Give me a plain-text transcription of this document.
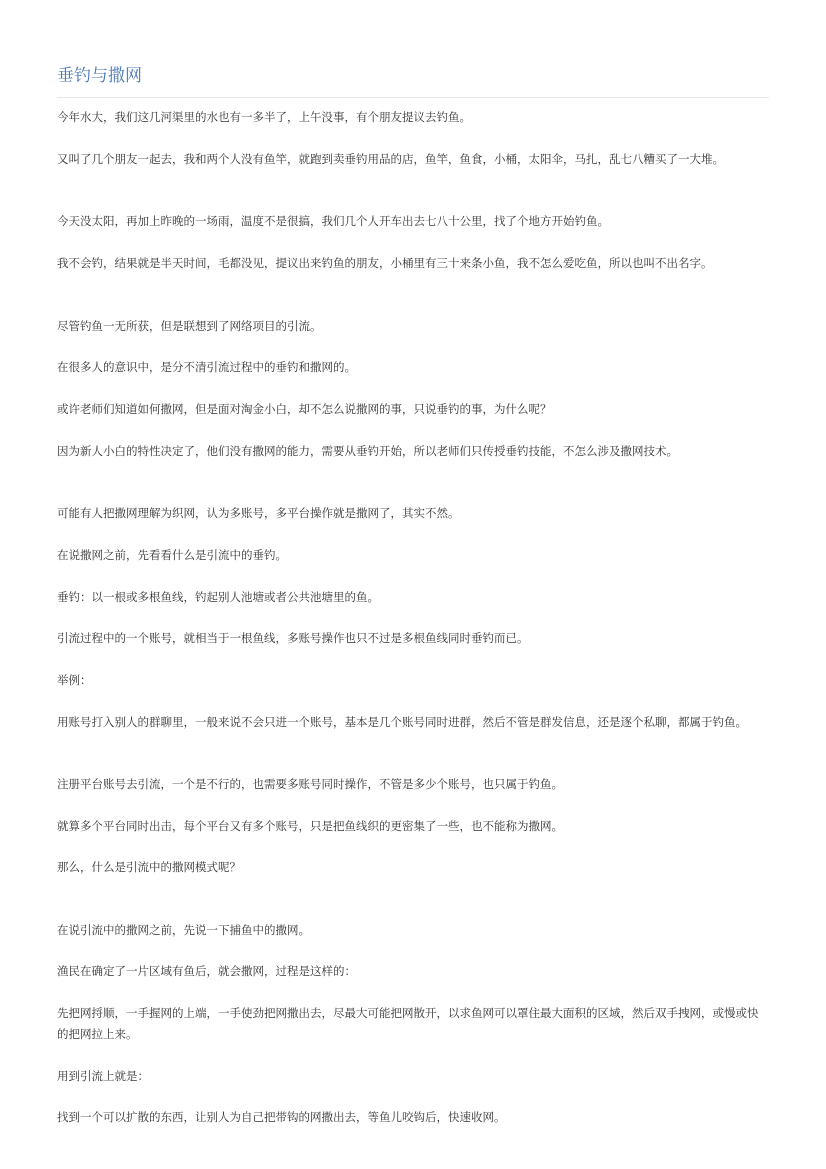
垂钓与撒网

今年水大，我们这几河渠里的水也有一多半了，上午没事，有个朋友提议去钓鱼。

又叫了几个朋友一起去，我和两个人没有鱼竿，就跑到卖垂钓用品的店，鱼竿，鱼食，小桶，太阳伞，马扎，乱七八糟买了一大堆。

今天没太阳，再加上昨晚的一场雨，温度不是很搞，我们几个人开车出去七八十公里，找了个地方开始钓鱼。

我不会钓，结果就是半天时间，毛都没见，提议出来钓鱼的朋友，小桶里有三十来条小鱼，我不怎么爱吃鱼，所以也叫不出名字。

尽管钓鱼一无所获，但是联想到了网络项目的引流。

在很多人的意识中，是分不清引流过程中的垂钓和撒网的。

或许老师们知道如何撒网，但是面对淘金小白，却不怎么说撒网的事，只说垂钓的事，为什么呢？

因为新人小白的特性决定了，他们没有撒网的能力，需要从垂钓开始，所以老师们只传授垂钓技能，不怎么涉及撒网技术。

可能有人把撒网理解为织网，认为多账号，多平台操作就是撒网了，其实不然。

在说撒网之前，先看看什么是引流中的垂钓。

垂钓：以一根或多根鱼线，钓起别人池塘或者公共池塘里的鱼。

引流过程中的一个账号，就相当于一根鱼线，多账号操作也只不过是多根鱼线同时垂钓而已。

举例：

用账号打入别人的群聊里，一般来说不会只进一个账号，基本是几个账号同时进群，然后不管是群发信息，还是逐个私聊，都属于钓鱼。

注册平台账号去引流，一个是不行的，也需要多账号同时操作，不管是多少个账号，也只属于钓鱼。

就算多个平台同时出击，每个平台又有多个账号，只是把鱼线织的更密集了一些，也不能称为撒网。

那么，什么是引流中的撒网模式呢？

在说引流中的撒网之前，先说一下捕鱼中的撒网。

渔民在确定了一片区域有鱼后，就会撒网，过程是这样的：

先把网捋顺，一手握网的上端，一手使劲把网撒出去，尽最大可能把网散开，以求鱼网可以罩住最大面积的区域，然后双手拽网，或慢或快的把网拉上来。

用到引流上就是：

找到一个可以扩散的东西，让别人为自己把带钩的网撒出去，等鱼儿咬钩后，快速收网。
